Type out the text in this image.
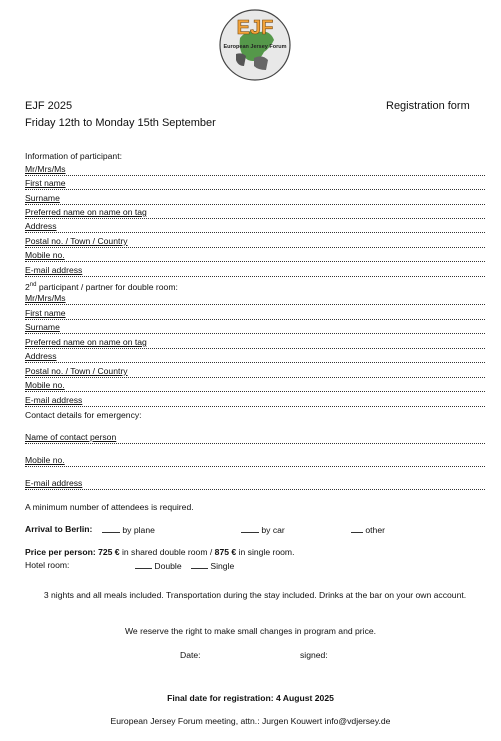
EJF
European Jersey Forum
EJF 2025	Registration form
Friday 12th to Monday 15th September
Information of participant:
Mr/Mrs/Ms
First name
Surname
Preferred name on name on tag
Address
Postal no. / Town / Country
Mobile no.
E-mail address
2nd participant / partner for double room:
Mr/Mrs/Ms
First name
Surname
Preferred name on name on tag
Address
Postal no. / Town / Country
Mobile no.
E-mail address
Contact details for emergency:
Name of contact person
Mobile no.
E-mail address
A minimum number of attendees is required.
Arrival to Berlin:	by plane	by car	other
Price per person: 725 € in shared double room / 875 € in single room.
Hotel room:	Double	Single
3 nights and all meals included. Transportation during the stay included. Drinks at the bar on your own account.
We reserve the right to make small changes in program and price.
Date:	signed:
Final date for registration: 4 August 2025
European Jersey Forum meeting, attn.: Jurgen Kouwert info@vdjersey.de
